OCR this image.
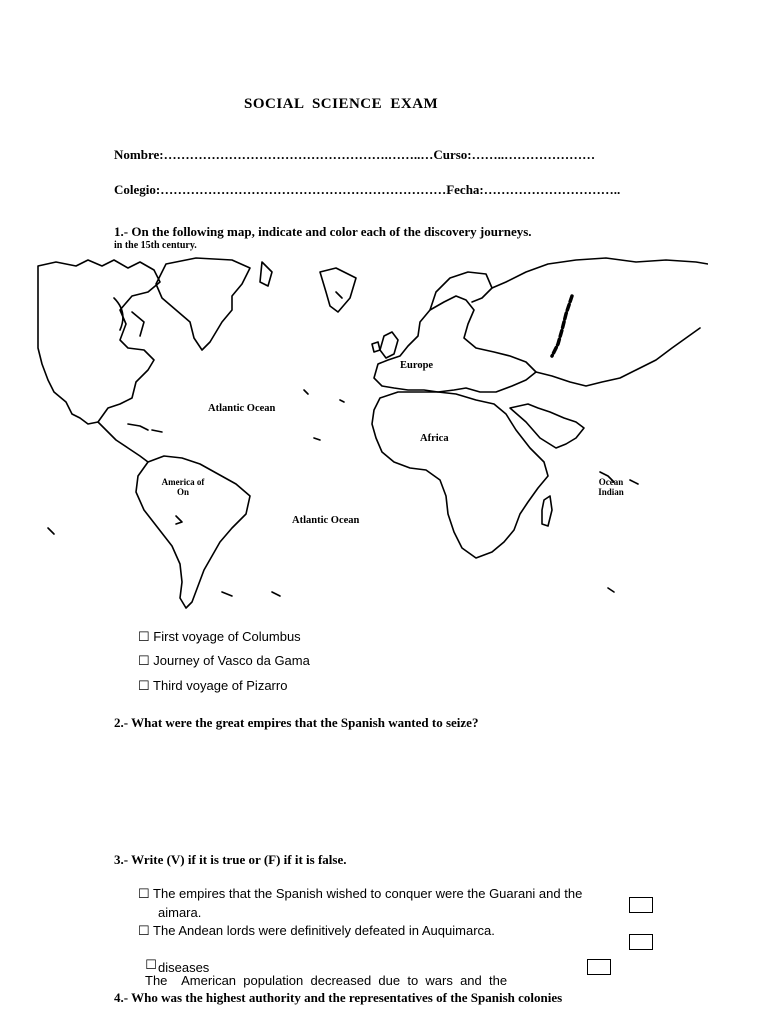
SOCIAL SCIENCE EXAM
Nombre:…………………………………………….……..…Curso:……..…………………
Colegio:…………………………………………………………Fecha:…………………………..
1.- On the following map, indicate and color each of the discovery journeys.
in the 15th century.
Europe
Atlantic Ocean
Africa
America of
On
Atlantic Ocean
Ocean
Indian
☐ First voyage of Columbus
☐ Journey of Vasco da Gama
☐ Third voyage of Pizarro
2.- What were the great empires that the Spanish wanted to seize?
3.- Write (V) if it is true or (F) if it is false.
☐ The empires that the Spanish wished to conquer were the Guarani and the
aimara.
☐ The Andean lords were definitively defeated in Auquimarca.

☐
The    American  population  decreased  due  to  wars  and  the

diseases
4.- Who was the highest authority and the representatives of the Spanish colonies
